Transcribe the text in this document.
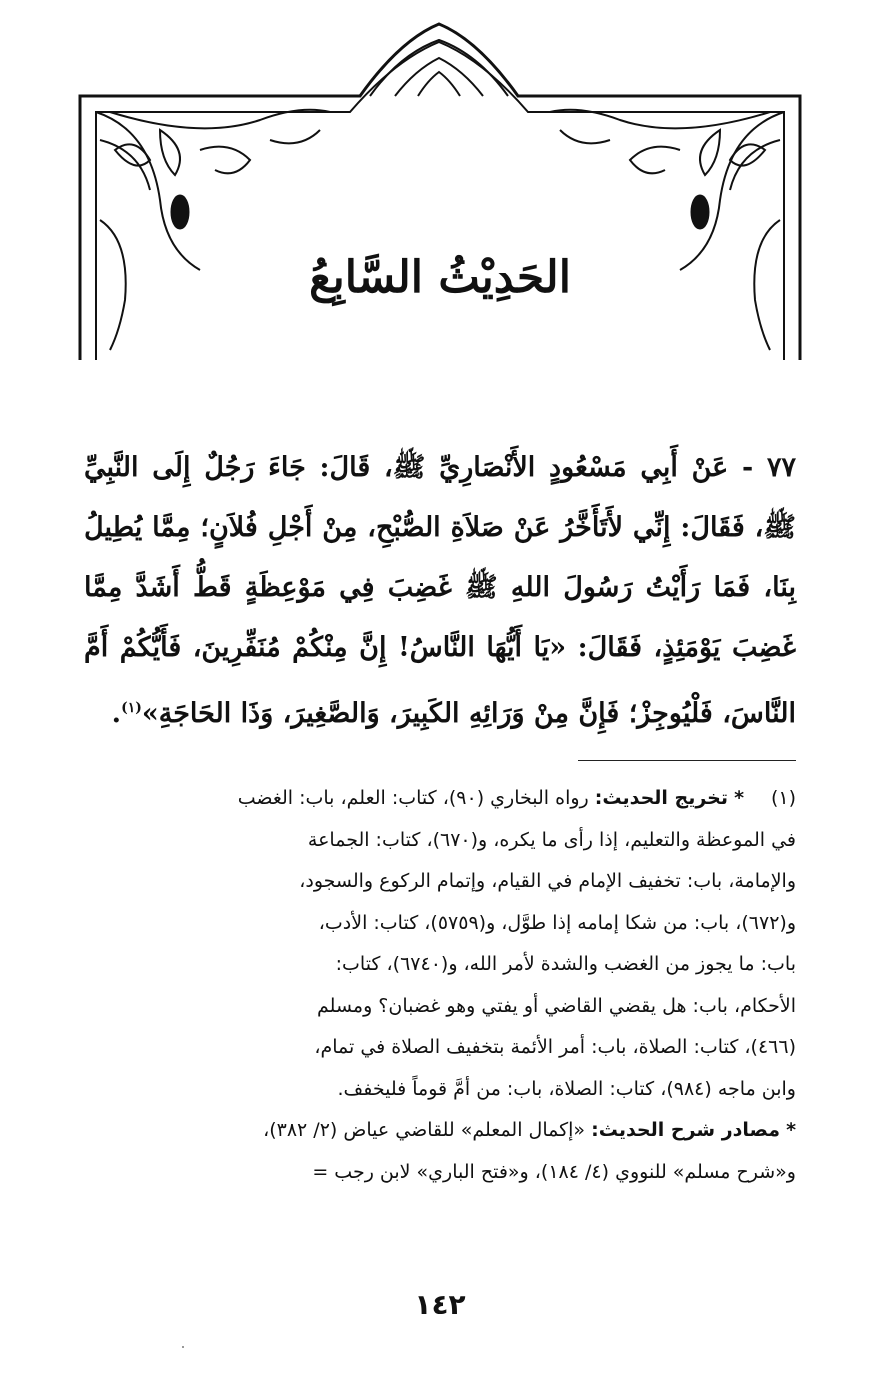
الحَدِيْثُ السَّابِعُ
٧٧ - عَنْ أَبِي مَسْعُودٍ الأَنْصَارِيِّ ﷺ، قَالَ: جَاءَ رَجُلٌ إِلَى النَّبِيِّ ﷺ، فَقَالَ: إِنِّي لأَتَأَخَّرُ عَنْ صَلاَةِ الصُّبْحِ، مِنْ أَجْلِ فُلاَنٍ؛ مِمَّا يُطِيلُ بِنَا، فَمَا رَأَيْتُ رَسُولَ اللهِ ﷺ غَضِبَ فِي مَوْعِظَةٍ قَطُّ أَشَدَّ مِمَّا غَضِبَ يَوْمَئِذٍ، فَقَالَ: «يَا أَيُّهَا النَّاسُ! إِنَّ مِنْكُمْ مُنَفِّرِينَ، فَأَيُّكُمْ أَمَّ النَّاسَ، فَلْيُوجِزْ؛ فَإِنَّ مِنْ وَرَائِهِ الكَبِيرَ، وَالصَّغِيرَ، وَذَا الحَاجَةِ»$^{(١)}$.
(١)* تخريج الحديث: رواه البخاري (٩٠)، كتاب: العلم، باب: الغضب
في الموعظة والتعليم، إذا رأى ما يكره، و(٦٧٠)، كتاب: الجماعة
والإمامة، باب: تخفيف الإمام في القيام، وإتمام الركوع والسجود،
و(٦٧٢)، باب: من شكا إمامه إذا طوَّل، و(٥٧٥٩)، كتاب: الأدب،
باب: ما يجوز من الغضب والشدة لأمر الله، و(٦٧٤٠)، كتاب:
الأحكام، باب: هل يقضي القاضي أو يفتي وهو غضبان؟ ومسلم
(٤٦٦)، كتاب: الصلاة، باب: أمر الأئمة بتخفيف الصلاة في تمام،
وابن ماجه (٩٨٤)، كتاب: الصلاة، باب: من أمَّ قوماً فليخفف.
* مصادر شرح الحديث: «إكمال المعلم» للقاضي عياض (٢/ ٣٨٢)،
و«شرح مسلم» للنووي (٤/ ١٨٤)، و«فتح الباري» لابن رجب =
١٤٢
